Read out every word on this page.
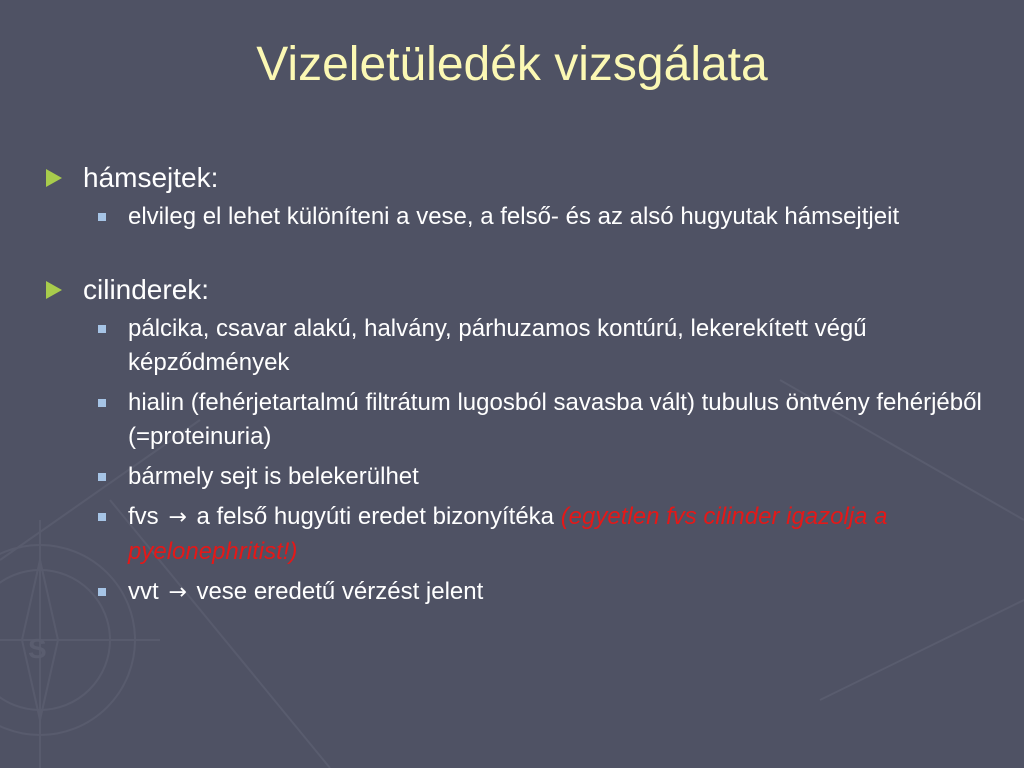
S
Vizeletüledék vizsgálata
hámsejtek:
elvileg el lehet különíteni a vese, a felső- és az alsó hugyutak hámsejtjeit
cilinderek:
pálcika, csavar alakú, halvány, párhuzamos kontúrú, lekerekített végű képződmények
hialin (fehérjetartalmú filtrátum lugosból savasba vált) tubulus öntvény fehérjéből (=proteinuria)
bármely sejt is belekerülhet
fvs → a felső hugyúti eredet bizonyítéka (egyetlen fvs cilinder igazolja a pyelonephritist!)
vvt → vese eredetű vérzést jelent
